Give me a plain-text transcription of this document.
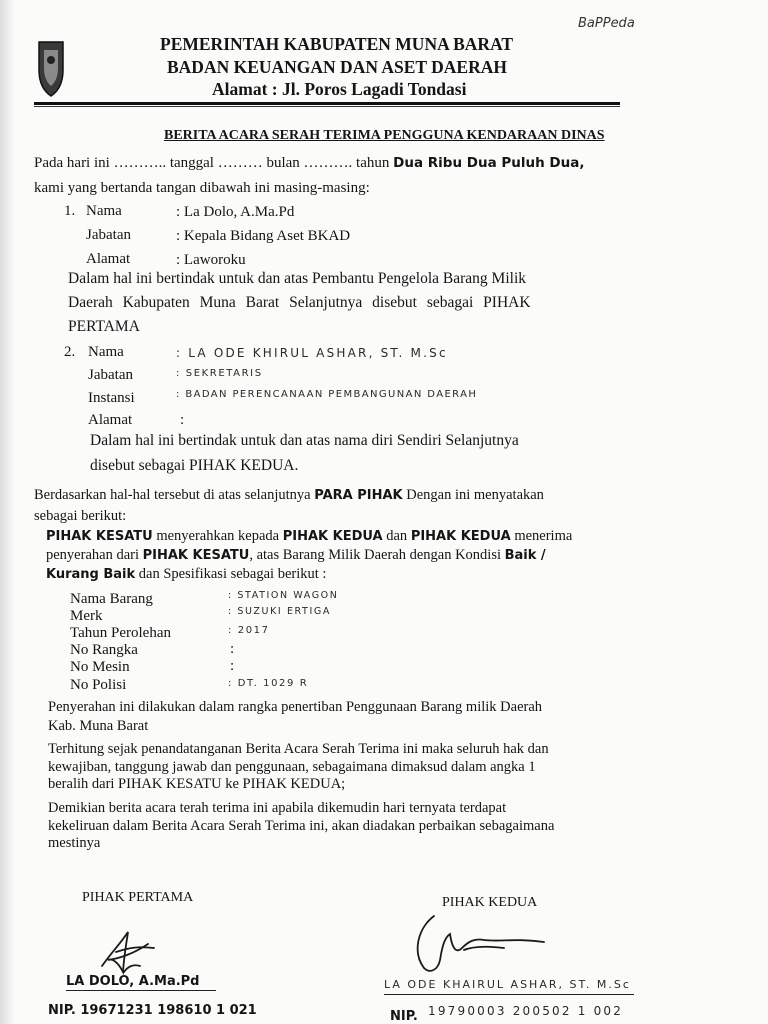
BaPPeda
PEMERINTAH KABUPATEN MUNA BARAT
BADAN KEUANGAN DAN ASET DAERAH
Alamat : Jl. Poros Lagadi Tondasi
BERITA ACARA SERAH TERIMA PENGGUNA KENDARAAN DINAS
Pada hari ini ……….. tanggal ……… bulan ………. tahun Dua Ribu Dua Puluh Dua,
kami yang bertanda tangan dibawah ini masing-masing:
1. Nama	: La Dolo, A.Ma.Pd
Jabatan	: Kepala Bidang Aset BKAD
Alamat	: Laworoku
Dalam hal ini bertindak untuk dan atas Pembantu Pengelola Barang Milik
Daerah Kabupaten Muna Barat Selanjutnya disebut sebagai PIHAK
PERTAMA
2. Nama	: LA ODE KHIRUL ASHAR, ST. M.Sc
Jabatan	: SEKRETARIS
Instansi	: BADAN PERENCANAAN PEMBANGUNAN DAERAH
Alamat	:
Dalam hal ini bertindak untuk dan atas nama diri Sendiri Selanjutnya
disebut sebagai PIHAK KEDUA.
Berdasarkan hal-hal tersebut di atas selanjutnya PARA PIHAK Dengan ini menyatakan
sebagai berikut:
PIHAK KESATU menyerahkan kepada PIHAK KEDUA dan PIHAK KEDUA menerima
penyerahan dari PIHAK KESATU, atas Barang Milik Daerah dengan Kondisi Baik /
Kurang Baik dan Spesifikasi sebagai berikut :
Nama Barang	: STATION WAGON
Merk	: SUZUKI ERTIGA
Tahun Perolehan	: 2017
No Rangka	:
No Mesin	:
No Polisi	: DT. 1029 R
Penyerahan ini dilakukan dalam rangka penertiban Penggunaan Barang milik Daerah
Kab. Muna Barat
Terhitung sejak penandatanganan Berita Acara Serah Terima ini maka seluruh hak dan
kewajiban, tanggung jawab dan penggunaan, sebagaimana dimaksud dalam angka 1
beralih dari PIHAK KESATU ke PIHAK KEDUA;
Demikian berita acara terah terima ini apabila dikemudin hari ternyata terdapat
kekeliruan dalam Berita Acara Serah Terima ini, akan diadakan perbaikan sebagaimana
mestinya
PIHAK PERTAMA	PIHAK KEDUA
LA DOLO, A.Ma.Pd
NIP. 19671231 198610 1 021
LA ODE KHAIRUL ASHAR, ST. M.Sc
NIP. 19790003 200502 1 002
